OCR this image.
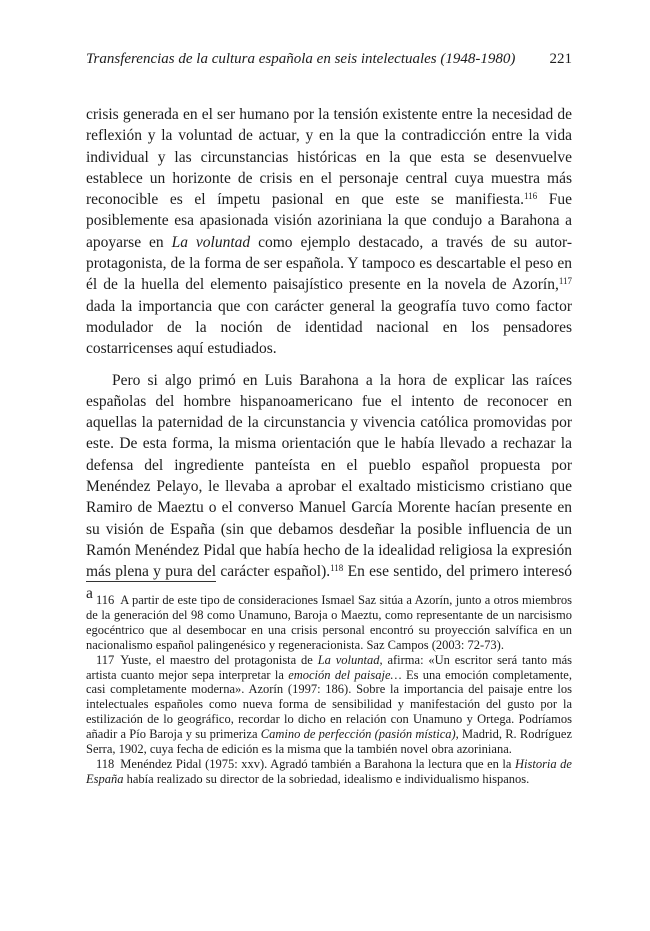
Transferencias de la cultura española en seis intelectuales (1948-1980) 221

crisis generada en el ser humano por la tensión existente entre la necesidad de reflexión y la voluntad de actuar, y en la que la contradicción entre la vida individual y las circunstancias históricas en la que esta se desenvuelve establece un horizonte de crisis en el personaje central cuya muestra más reconocible es el ímpetu pasional en que este se manifiesta.$^{116}$ Fue posiblemente esa apasionada visión azoriniana la que condujo a Barahona a apoyarse en La voluntad como ejemplo destacado, a través de su autor-protagonista, de la forma de ser española. Y tampoco es descartable el peso en él de la huella del elemento paisajístico presente en la novela de Azorín,$^{117}$ dada la importancia que con carácter general la geografía tuvo como factor modulador de la noción de identidad nacional en los pensadores costarricenses aquí estudiados.

Pero si algo primó en Luis Barahona a la hora de explicar las raíces españolas del hombre hispanoamericano fue el intento de reconocer en aquellas la paternidad de la circunstancia y vivencia católica promovidas por este. De esta forma, la misma orientación que le había llevado a rechazar la defensa del ingrediente panteísta en el pueblo español propuesta por Menéndez Pelayo, le llevaba a aprobar el exaltado misticismo cristiano que Ramiro de Maeztu o el converso Manuel García Morente hacían presente en su visión de España (sin que debamos desdeñar la posible influencia de un Ramón Menéndez Pidal que había hecho de la idealidad religiosa la expresión más plena y pura del carácter español).$^{118}$ En ese sentido, del primero interesó a 116 A partir de este tipo de consideraciones Ismael Saz sitúa a Azorín, junto a otros miembros de la generación del 98 como Unamuno, Baroja o Maeztu, como representante de un narcisismo egocéntrico que al desembocar en una crisis personal encontró su proyección salvífica en un nacionalismo español palingenésico y regeneracionista. Saz Campos (2003: 72-73).

117 Yuste, el maestro del protagonista de La voluntad, afirma: «Un escritor será tanto más artista cuanto mejor sepa interpretar la emoción del paisaje… Es una emoción completamente, casi completamente moderna». Azorín (1997: 186). Sobre la importancia del paisaje entre los intelectuales españoles como nueva forma de sensibilidad y manifestación del gusto por la estilización de lo geográfico, recordar lo dicho en relación con Unamuno y Ortega. Podríamos añadir a Pío Baroja y su primeriza Camino de perfección (pasión mística), Madrid, R. Rodríguez Serra, 1902, cuya fecha de edición es la misma que la también novel obra azoriniana.

118 Menéndez Pidal (1975: xxv). Agradó también a Barahona la lectura que en la Historia de España había realizado su director de la sobriedad, idealismo e individualismo hispanos.
